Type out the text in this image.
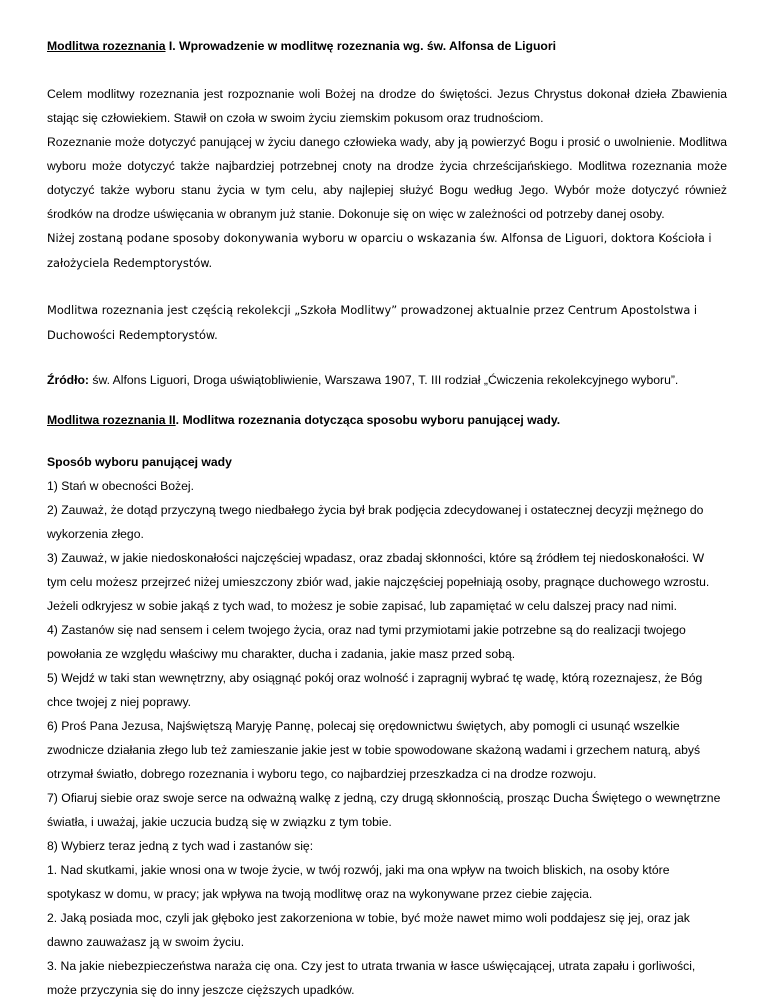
Modlitwa rozeznania I. Wprowadzenie w modlitwę rozeznania wg. św. Alfonsa de Liguori

Celem modlitwy rozeznania jest rozpoznanie woli Bożej na drodze do świętości. Jezus Chrystus dokonał dzieła Zbawienia stając się człowiekiem. Stawił on czoła w swoim życiu ziemskim pokusom oraz trudnościom.

Rozeznanie może dotyczyć panującej w życiu danego człowieka wady, aby ją powierzyć Bogu i prosić o uwolnienie. Modlitwa wyboru może dotyczyć także najbardziej potrzebnej cnoty na drodze życia chrześcijańskiego. Modlitwa rozeznania może dotyczyć także wyboru stanu życia w tym celu, aby najlepiej służyć Bogu według Jego. Wybór może dotyczyć również środków na drodze uświęcania w obranym już stanie. Dokonuje się on więc w zależności od potrzeby danej osoby.

Niżej zostaną podane sposoby dokonywania wyboru w oparciu o wskazania św. Alfonsa de Liguori, doktora Kościoła i założyciela Redemptorystów.

Modlitwa rozeznania jest częścią rekolekcji „Szkoła Modlitwy” prowadzonej aktualnie przez Centrum Apostolstwa i Duchowości Redemptorystów.

Źródło: św. Alfons Liguori, Droga uświątobliwienie, Warszawa 1907, T. III rodział „Ćwiczenia rekolekcyjnego wyboru”.

Modlitwa rozeznania II. Modlitwa rozeznania dotycząca sposobu wyboru panującej wady.

Sposób wyboru panującej wady

1) Stań w obecności Bożej.

2) Zauważ, że dotąd przyczyną twego niedbałego życia był brak podjęcia zdecydowanej i ostatecznej decyzji mężnego do wykorzenia złego.

3) Zauważ, w jakie niedoskonałości najczęściej wpadasz, oraz zbadaj skłonności, które są źródłem tej niedoskonałości. W tym celu możesz przejrzeć niżej umieszczony zbiór wad, jakie najczęściej popełniają osoby, pragnące duchowego wzrostu. Jeżeli odkryjesz w sobie jakąś z tych wad, to możesz je sobie zapisać, lub zapamiętać w celu dalszej pracy nad nimi.

4) Zastanów się nad sensem i celem twojego życia, oraz nad tymi przymiotami jakie potrzebne są do realizacji twojego powołania ze względu właściwy mu charakter, ducha i zadania, jakie masz przed sobą.

5) Wejdź w taki stan wewnętrzny, aby osiągnąć pokój oraz wolność i zapragnij wybrać tę wadę, którą rozeznajesz, że Bóg chce twojej z niej poprawy.

6) Proś Pana Jezusa, Najświętszą Maryję Pannę, polecaj się orędownictwu świętych, aby pomogli ci usunąć wszelkie zwodnicze działania złego lub też zamieszanie jakie jest w tobie spowodowane skażoną wadami i grzechem naturą, abyś otrzymał światło, dobrego rozeznania i wyboru tego, co najbardziej przeszkadza ci na drodze rozwoju.

7) Ofiaruj siebie oraz swoje serce na odważną walkę z jedną, czy drugą skłonnością, prosząc Ducha Świętego o wewnętrzne światła, i uważaj, jakie uczucia budzą się w związku z tym tobie.

8) Wybierz teraz jedną z tych wad i zastanów się:

1. Nad skutkami, jakie wnosi ona w twoje życie, w twój rozwój, jaki ma ona wpływ na twoich bliskich, na osoby które spotykasz w domu, w pracy; jak wpływa na twoją modlitwę oraz na wykonywane przez ciebie zajęcia.

2. Jaką posiada moc, czyli jak głęboko jest zakorzeniona w tobie, być może nawet mimo woli poddajesz się jej, oraz jak dawno zauważasz ją w swoim życiu.

3. Na jakie niebezpieczeństwa naraża cię ona. Czy jest to utrata trwania w łasce uświęcającej, utrata zapału i gorliwości, może przyczynia się do inny jeszcze cięższych upadków.
